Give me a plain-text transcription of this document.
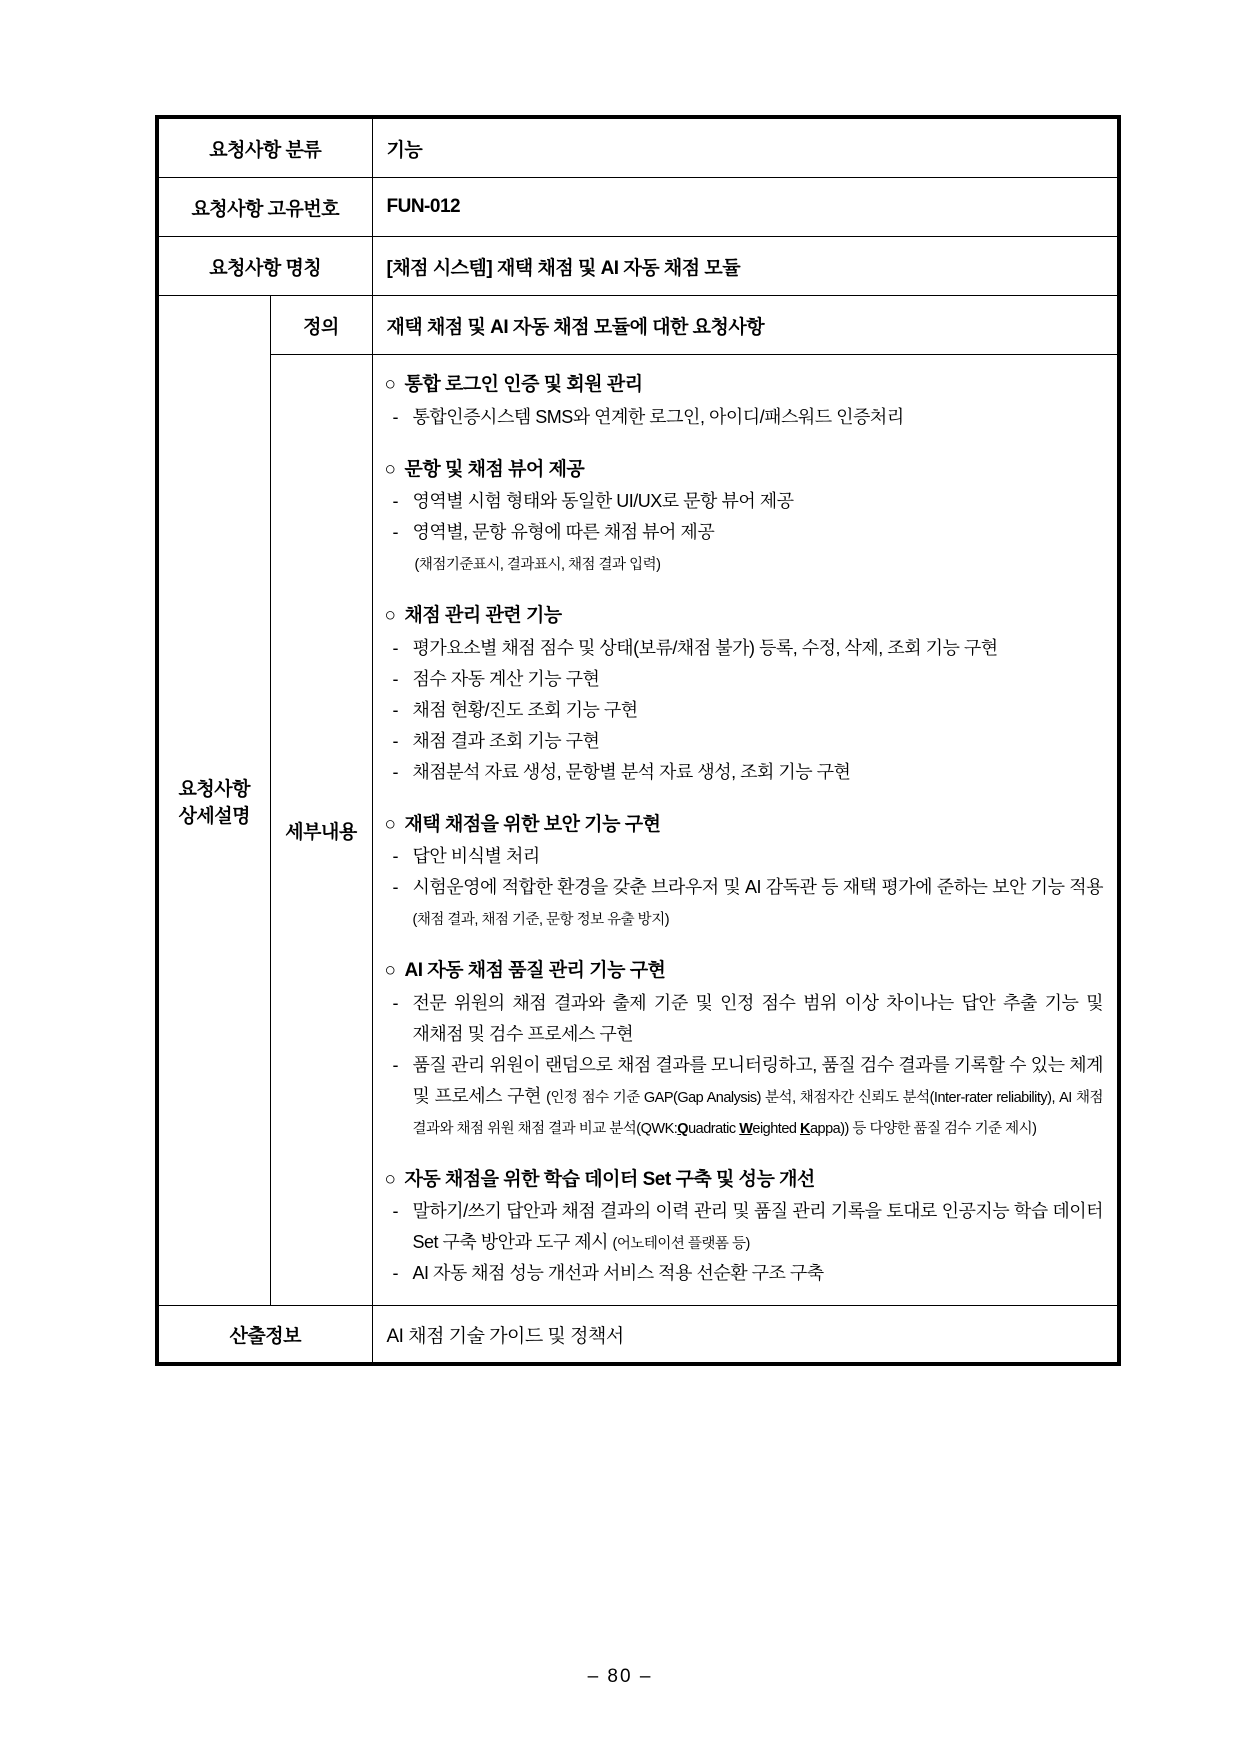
요청사항 분류		기능
요청사항 고유번호		FUN-012
요청사항 명칭		[채점 시스템] 재택 채점 및 AI 자동 채점 모듈

요청사항
상세설명	정의	재택 채점 및 AI 자동 채점 모듈에 대한 요청사항
세부내용	
○ 통합 로그인 인증 및 회원 관리
- 통합인증시스템 SMS와 연계한 로그인, 아이디/패스워드 인증처리
○ 문항 및 채점 뷰어 제공
- 영역별 시험 형태와 동일한 UI/UX로 문항 뷰어 제공
- 영역별, 문항 유형에 따른 채점 뷰어 제공
(채점기준표시, 결과표시, 채점 결과 입력)
○ 채점 관리 관련 기능
- 평가요소별 채점 점수 및 상태(보류/채점 불가) 등록, 수정, 삭제, 조회 기능 구현
- 점수 자동 계산 기능 구현
- 채점 현황/진도 조회 기능 구현
- 채점 결과 조회 기능 구현
- 채점분석 자료 생성, 문항별 분석 자료 생성, 조회 기능 구현
○ 재택 채점을 위한 보안 기능 구현
- 답안 비식별 처리
- 시험운영에 적합한 환경을 갖춘 브라우저 및 AI 감독관 등 재택 평가에 준하는 보안 기능 적용 (채점 결과, 채점 기준, 문항 정보 유출 방지)
○ AI 자동 채점 품질 관리 기능 구현
- 전문 위원의 채점 결과와 출제 기준 및 인정 점수 범위 이상 차이나는 답안 추출 기능 및 재채점 및 검수 프로세스 구현
- 품질 관리 위원이 랜덤으로 채점 결과를 모니터링하고, 품질 검수 결과를 기록할 수 있는 체계 및 프로세스 구현 (인정 점수 기준 GAP(Gap Analysis) 분석, 채점자간 신뢰도 분석(Inter-rater reliability), AI 채점 결과와 채점 위원 채점 결과 비교 분석(QWK:Quadratic Weighted Kappa)) 등 다양한 품질 검수 기준 제시)
○ 자동 채점을 위한 학습 데이터 Set 구축 및 성능 개선
- 말하기/쓰기 답안과 채점 결과의 이력 관리 및 품질 관리 기록을 토대로 인공지능 학습 데이터 Set 구축 방안과 도구 제시 (어노테이션 플랫폼 등)
- AI 자동 채점 성능 개선과 서비스 적용 선순환 구조 구축

산출정보		AI 채점 기술 가이드 및 정책서
– 80 –
